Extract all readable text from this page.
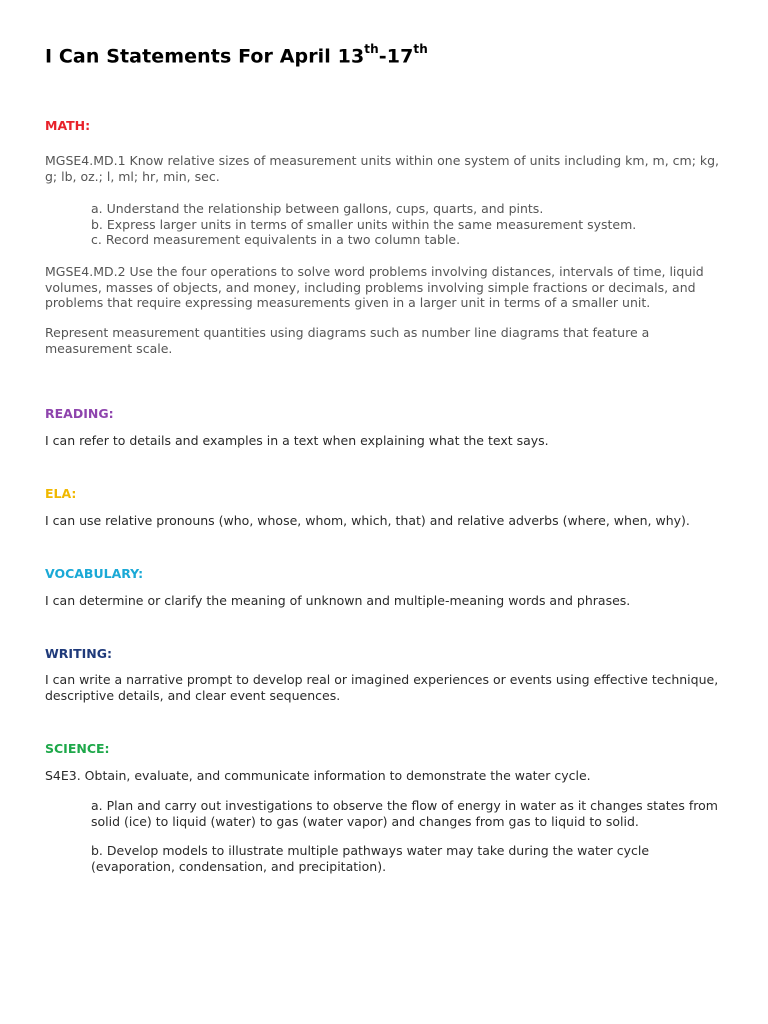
I Can Statements For April 13th-17th
MATH:
MGSE4.MD.1 Know relative sizes of measurement units within one system of units including km, m, cm; kg, g; lb, oz.; l, ml; hr, min, sec.
a. Understand the relationship between gallons, cups, quarts, and pints.
b. Express larger units in terms of smaller units within the same measurement system.
c. Record measurement equivalents in a two column table.
MGSE4.MD.2 Use the four operations to solve word problems involving distances, intervals of time, liquid volumes, masses of objects, and money, including problems involving simple fractions or decimals, and problems that require expressing measurements given in a larger unit in terms of a smaller unit.
Represent measurement quantities using diagrams such as number line diagrams that feature a measurement scale.
READING:
I can refer to details and examples in a text when explaining what the text says.
ELA:
I can use relative pronouns (who, whose, whom, which, that) and relative adverbs (where, when, why).
VOCABULARY:
I can determine or clarify the meaning of unknown and multiple-meaning words and phrases.
WRITING:
I can write a narrative prompt to develop real or imagined experiences or events using effective technique, descriptive details, and clear event sequences.
SCIENCE:
S4E3. Obtain, evaluate, and communicate information to demonstrate the water cycle.
a. Plan and carry out investigations to observe the flow of energy in water as it changes states from solid (ice) to liquid (water) to gas (water vapor) and changes from gas to liquid to solid.
b. Develop models to illustrate multiple pathways water may take during the water cycle (evaporation, condensation, and precipitation).
